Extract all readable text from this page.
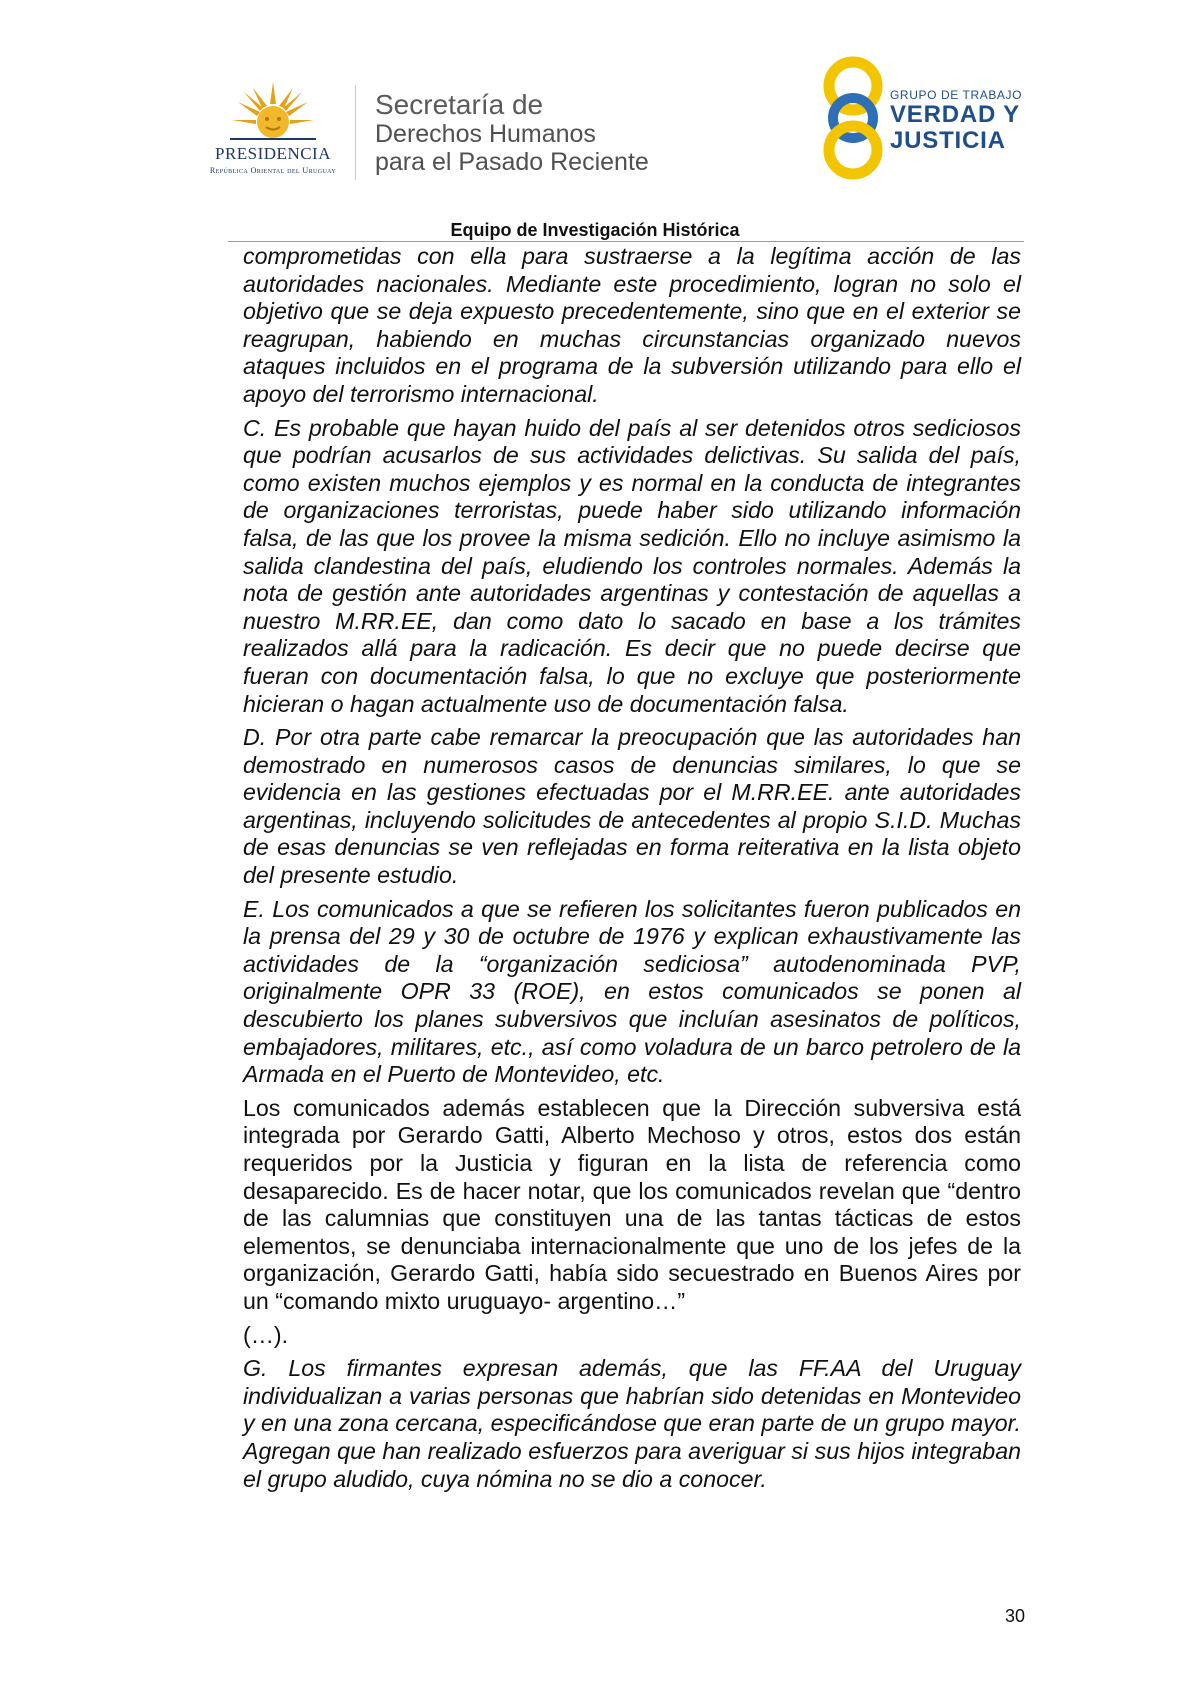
PRESIDENCIA
República Oriental del Uruguay
Secretaría de
Derechos Humanos
para el Pasado Reciente
GRUPO DE TRABAJO
VERDAD Y
JUSTICIA
Equipo de Investigación Histórica

comprometidas con ella para sustraerse a la legítima acción de las autoridades nacionales. Mediante este procedimiento, logran no solo el objetivo que se deja expuesto precedentemente, sino que en el exterior se reagrupan, habiendo en muchas circunstancias organizado nuevos ataques incluidos en el programa de la subversión utilizando para ello el apoyo del terrorismo internacional.

C. Es probable que hayan huido del país al ser detenidos otros sediciosos que podrían acusarlos de sus actividades delictivas. Su salida del país, como existen muchos ejemplos y es normal en la conducta de integrantes de organizaciones terroristas, puede haber sido utilizando información falsa, de las que los provee la misma sedición. Ello no incluye asimismo la salida clandestina del país, eludiendo los controles normales. Además la nota de gestión ante autoridades argentinas y contestación de aquellas a nuestro M.RR.EE, dan como dato lo sacado en base a los trámites realizados allá para la radicación. Es decir que no puede decirse que fueran con documentación falsa, lo que no excluye que posteriormente hicieran o hagan actualmente uso de documentación falsa.

D. Por otra parte cabe remarcar la preocupación que las autoridades han demostrado en numerosos casos de denuncias similares, lo que se evidencia en las gestiones efectuadas por el M.RR.EE. ante autoridades argentinas, incluyendo solicitudes de antecedentes al propio S.I.D. Muchas de esas denuncias se ven reflejadas en forma reiterativa en la lista objeto del presente estudio.

E. Los comunicados a que se refieren los solicitantes fueron publicados en la prensa del 29 y 30 de octubre de 1976 y explican exhaustivamente las actividades de la “organización sediciosa” autodenominada PVP, originalmente OPR 33 (ROE), en estos comunicados se ponen al descubierto los planes subversivos que incluían asesinatos de políticos, embajadores, militares, etc., así como voladura de un barco petrolero de la Armada en el Puerto de Montevideo, etc.

Los comunicados además establecen que la Dirección subversiva está integrada por Gerardo Gatti, Alberto Mechoso y otros, estos dos están requeridos por la Justicia y figuran en la lista de referencia como desaparecido. Es de hacer notar, que los comunicados revelan que “dentro de las calumnias que constituyen una de las tantas tácticas de estos elementos, se denunciaba internacionalmente que uno de los jefes de la organización, Gerardo Gatti, había sido secuestrado en Buenos Aires por un “comando mixto uruguayo- argentino…”

(…).

G. Los firmantes expresan además, que las FF.AA del Uruguay individualizan a varias personas que habrían sido detenidas en Montevideo y en una zona cercana, especificándose que eran parte de un grupo mayor. Agregan que han realizado esfuerzos para averiguar si sus hijos integraban el grupo aludido, cuya nómina no se dio a conocer.

30
